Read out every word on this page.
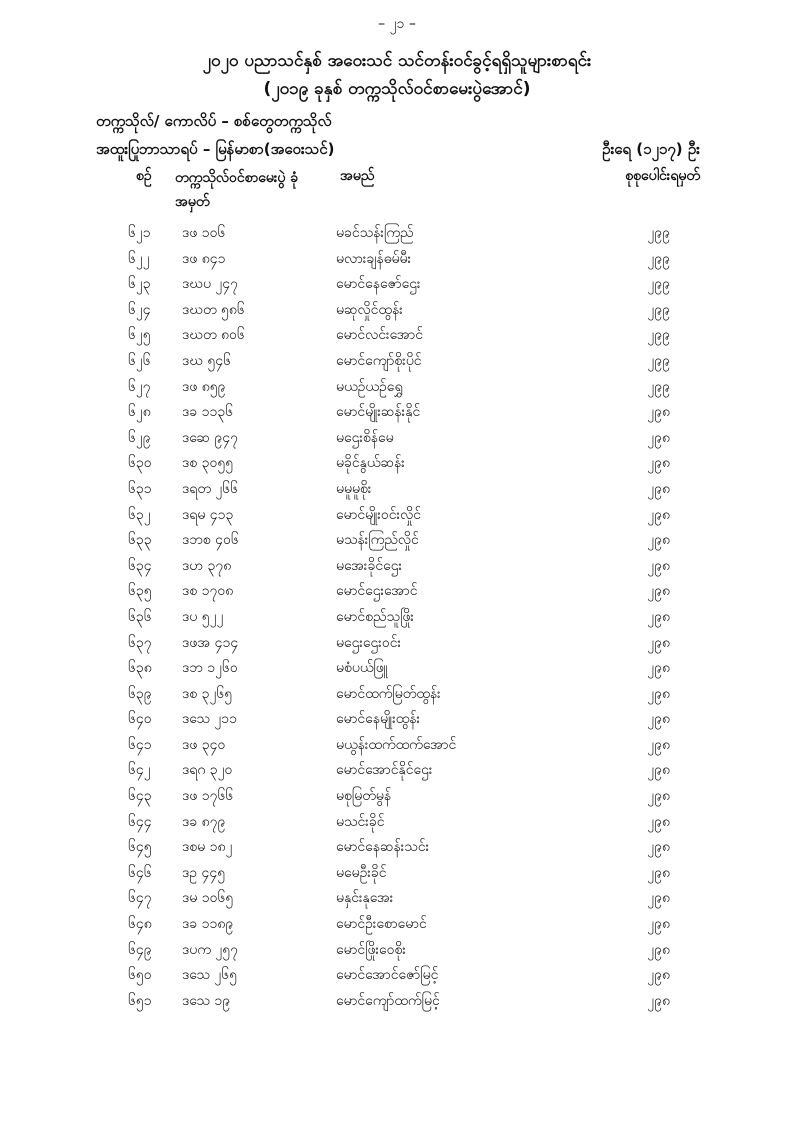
– ၂၁ –
၂၀၂၀ ပညာသင်နှစ် အဝေးသင် သင်တန်းဝင်ခွင့်ရရှိသူများစာရင်း
(၂၀၁၉ ခုနှစ် တက္ကသိုလ်ဝင်စာမေးပွဲအောင်)
တက္ကသိုလ်/ ကောလိပ် – စစ်တွေတက္ကသိုလ်
အထူးပြုဘာသာရပ် – မြန်မာစာ(အဝေးသင်)	ဦးရေ (၁၂၁၇) ဦး
စဉ် တက္ကသိုလ်ဝင်စာမေးပွဲ ခုံအမှတ်
အမည်	စုစုပေါင်းရမှတ်
၆၂၁ ဒဖ ၁၀၆	မခင်သန်းကြည်	၂၉၉
၆၂၂ ဒဖ ၈၄၁	မလားချန်ဓမ်မီး	၂၉၉
၆၂၃ ဒဃပ ၂၄၇	မောင်နေဇော်ဌေး	၂၉၉
၆၂၄ ဒဃတ ၅၈၆	မဆုလှိုင်ထွန်း	၂၉၉
၆၂၅ ဒဃတ ၈၀၆	မောင်လင်းအောင်	၂၉၉
၆၂၆ ဒဃ ၅၄၆	မောင်ကျော်စိုးပိုင်	၂၉၉
၆၂၇ ဒဖ ၈၅၉	မယဉ်ယဉ်ရွှေ	၂၉၉
၆၂၈ ဒခ ၁၁၃၆	မောင်မျိုးဆန်းနိုင်	၂၉၈
၆၂၉ ဒဆေ ၉၄၇	မဌေးစိန်မေ	၂၉၈
၆၃၀ ဒစ ၃၀၅၅	မခိုင်နွယ်ဆန်း	၂၉၈
၆၃၁ ဒရတ ၂၆၆	မမူမူစိုး	၂၉၈
၆၃၂ ဒရမ ၄၁၃	မောင်မျိုးဝင်းလှိုင်	၂၉၈
၆၃၃ ဒဘစ ၄၀၆	မသန်းကြည်လှိုင်	၂၉၈
၆၃၄ ဒဟ ၃၇၈	မအေးခိုင်ဌေး	၂၉၈
၆၃၅ ဒစ ၁၇၀၈	မောင်ဌေးအောင်	၂၉၈
၆၃၆ ဒပ ၅၂၂	မောင်စည်သူဖြိုး	၂၉၈
၆၃၇ ဒဖအ ၄၁၄	မဌေးဌေးဝင်း	၂၉၈
၆၃၈ ဒဘ ၁၂၆၀	မစံပယ်ဖြူ	၂၉၈
၆၃၉ ဒစ ၃၂၆၅	မောင်ထက်မြတ်ထွန်း	၂၉၈
၆၄၀ ဒသေ ၂၁၁	မောင်နေမျိုးထွန်း	၂၉၈
၆၄၁ ဒဖ ၃၄၀	မယွန်းထက်ထက်အောင်	၂၉၈
၆၄၂ ဒရဂ ၃၂၀	မောင်အောင်နိုင်ဌေး	၂၉၈
၆၄၃ ဒဖ ၁၇၆၆	မစုမြတ်မွန်	၂၉၈
၆၄၄ ဒခ ၈၇၉	မသင်းခိုင်	၂၉၈
၆၄၅ ဒစမ ၁၈၂	မောင်နေဆန်းသင်း	၂၉၈
၆၄၆ ဒဥ ၄၄၅	မမေဦးခိုင်	၂၉၈
၆၄၇ ဒမ ၁၀၆၅	မနှင်းနုအေး	၂၉၈
၆၄၈ ဒခ ၁၁၈၉	မောင်ဦးစောမောင်	၂၉၈
၆၄၉ ဒပက ၂၅၇	မောင်ဖြိုးဝေစိုး	၂၉၈
၆၅၀ ဒသေ ၂၆၅	မောင်အောင်ဇော်မြင့်	၂၉၈
၆၅၁ ဒသေ ၁၉	မောင်ကျော်ထက်မြင့်	၂၉၈
